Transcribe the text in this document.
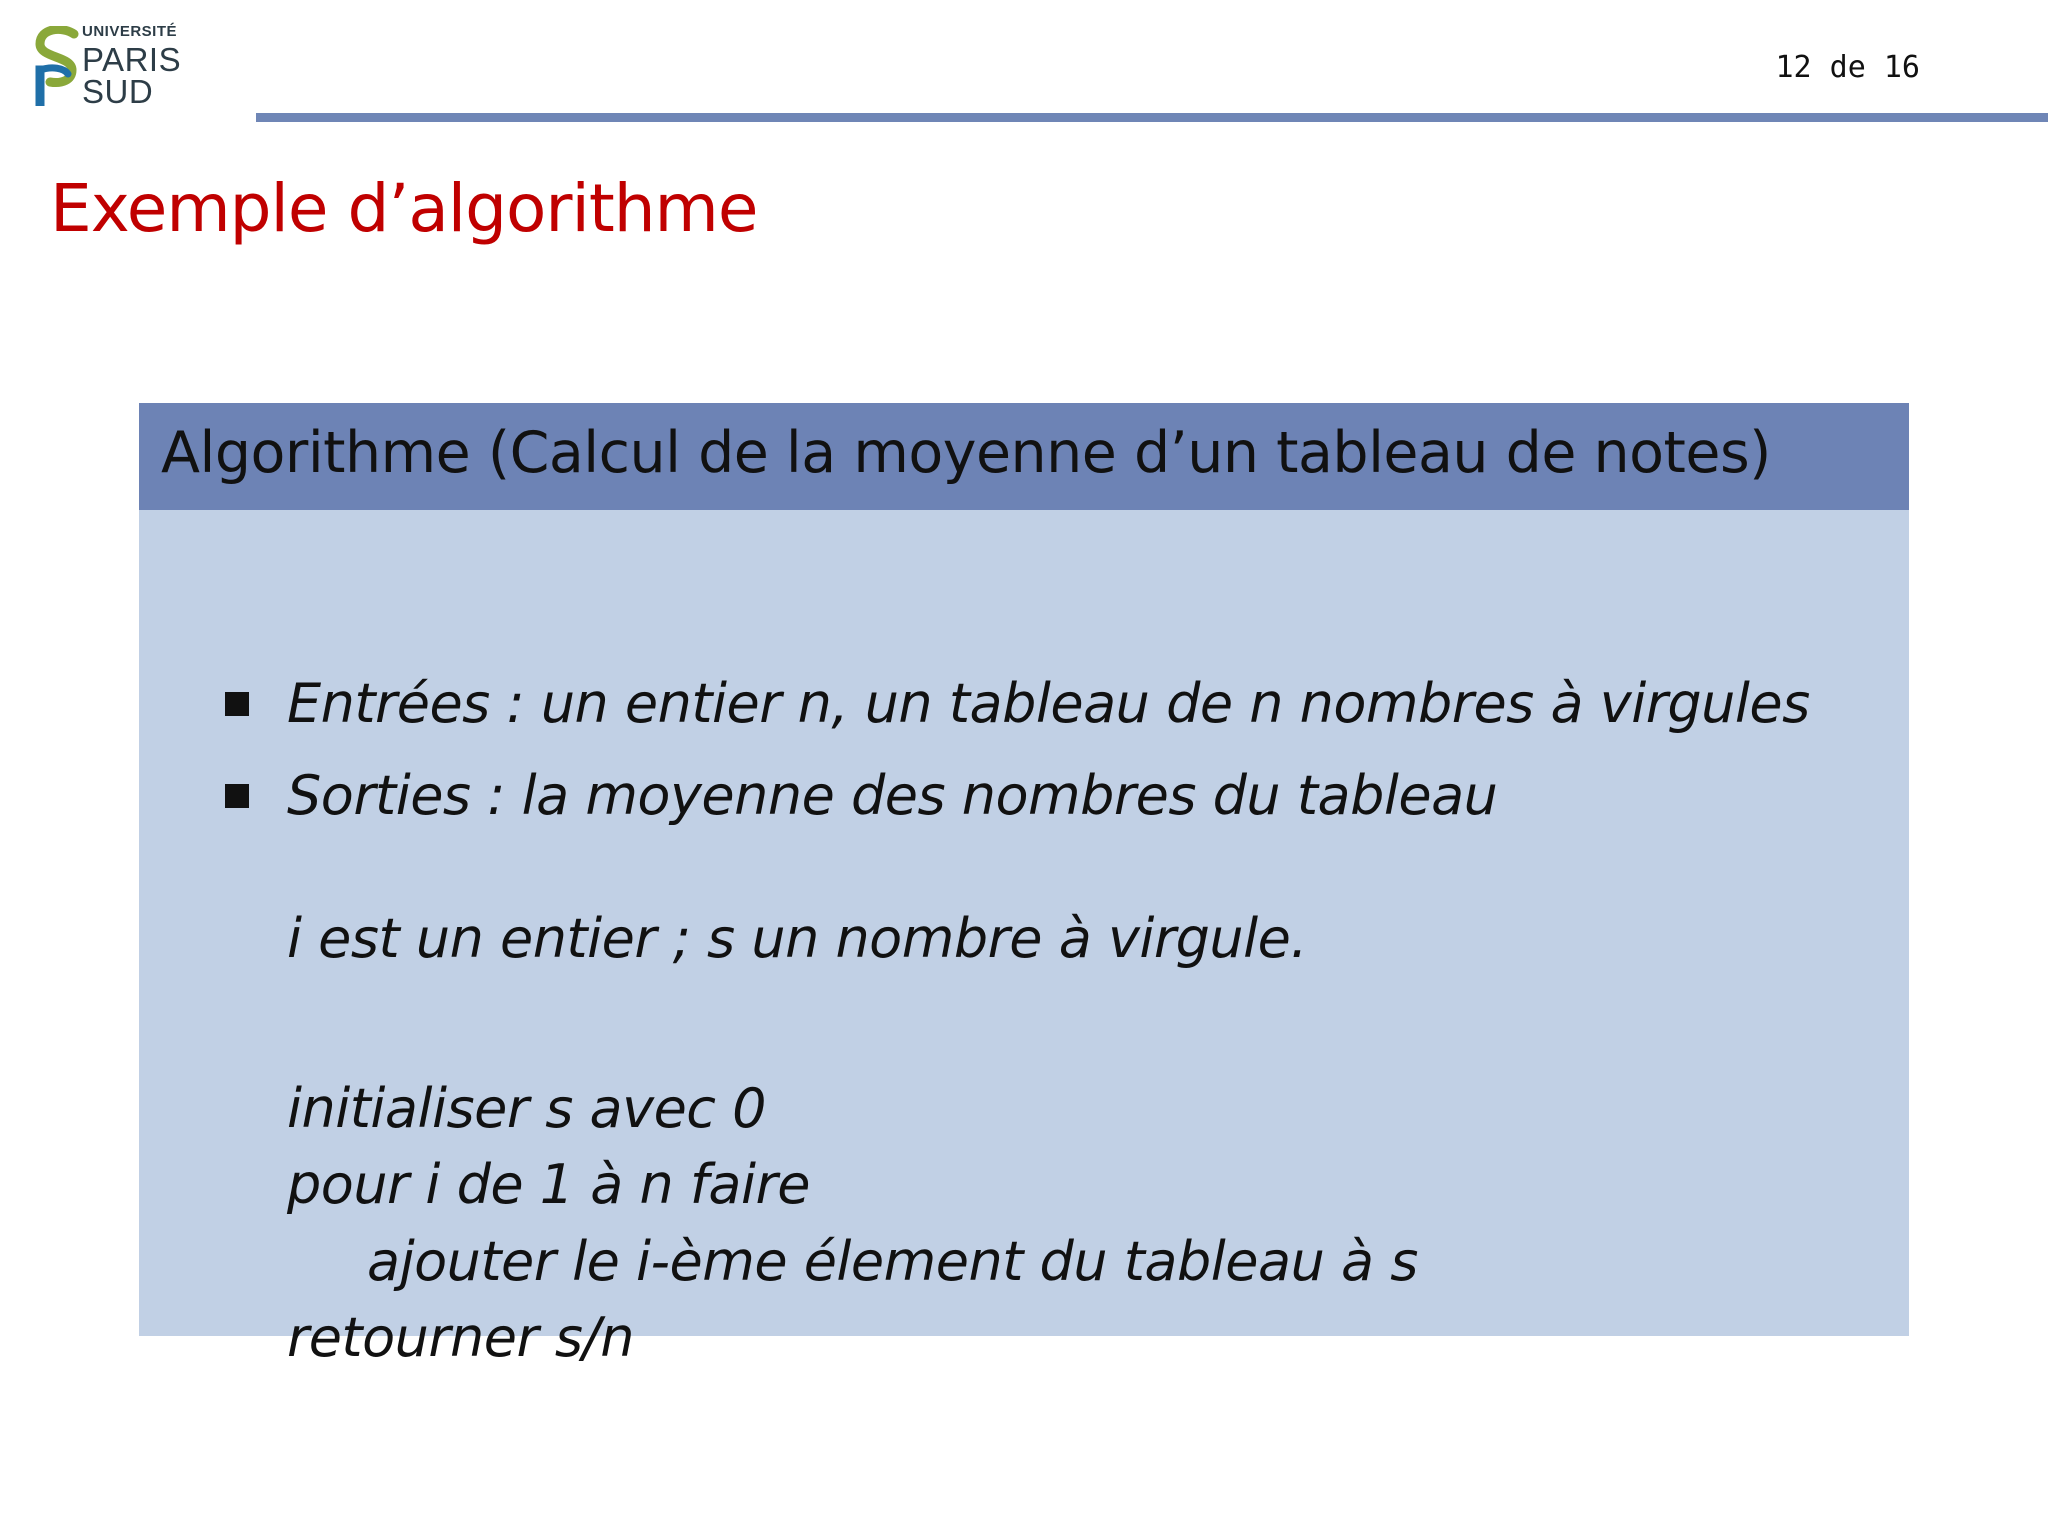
UNIVERSITÉ
PARIS
SUD
12 de 16
Exemple d’algorithme
Algorithme (Calcul de la moyenne d’un tableau de notes)
Entrées : un entier n, un tableau de n nombres à virgules
Sorties : la moyenne des nombres du tableau
i est un entier ; s un nombre à virgule.
initialiser s avec 0
pour i de 1 à n faire
ajouter le i-ème élement du tableau à s
retourner s/n
